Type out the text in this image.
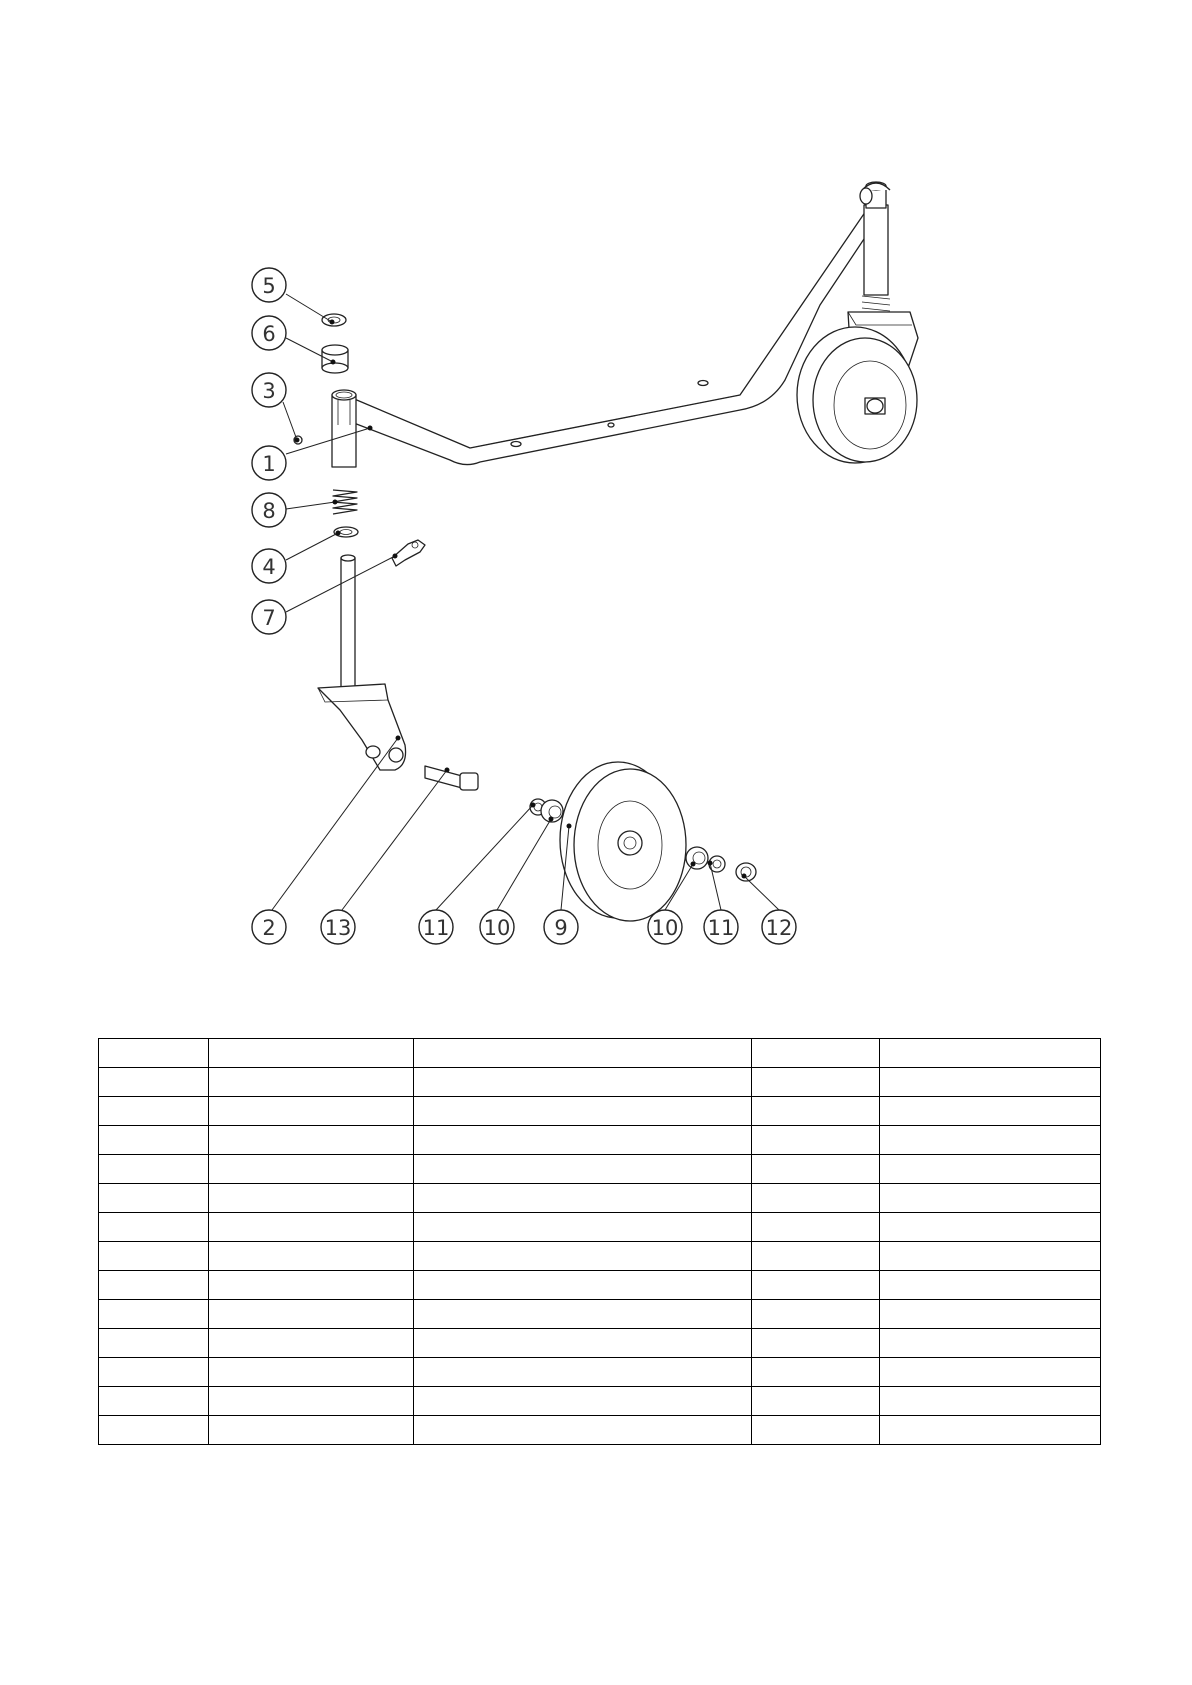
5
6
3
1
8
4
7
2 13	11 10 9	10 11 12
